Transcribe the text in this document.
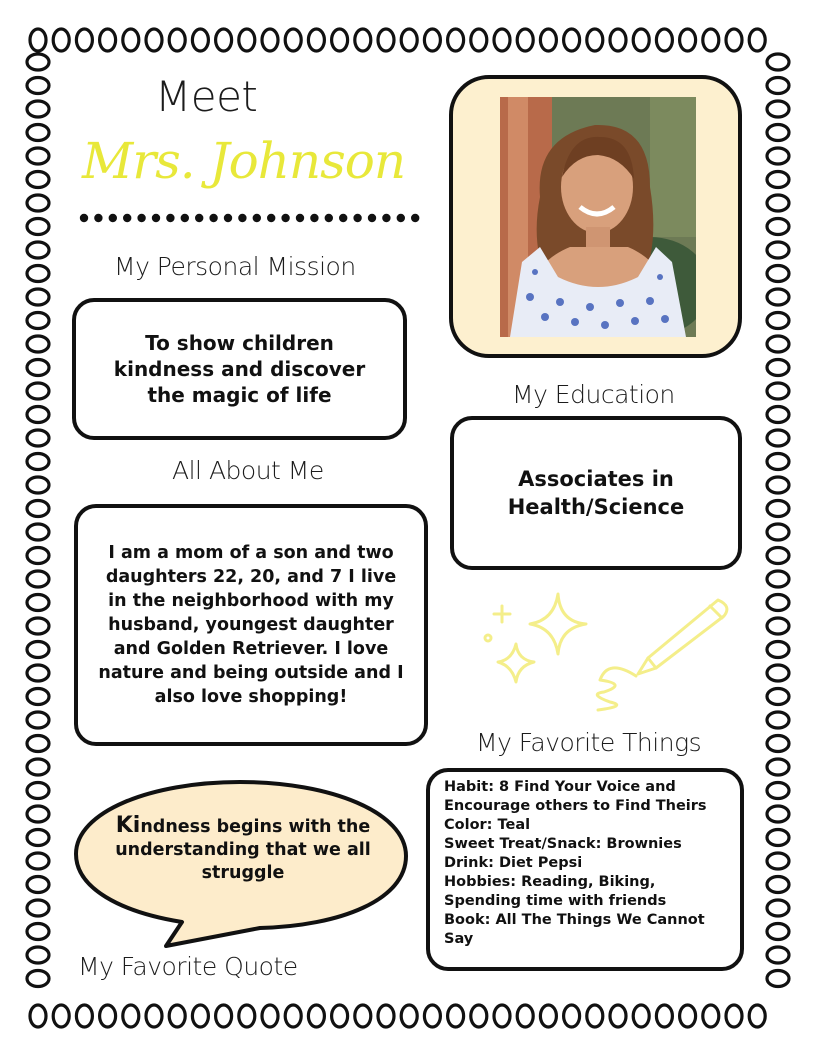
Meet
Mrs. Johnson
My Personal Mission
To show children kindness and discover the magic of life
All About Me
I am a mom of a son and two daughters 22, 20, and 7 I live in the neighborhood with my husband, youngest daughter and Golden Retriever. I love nature and being outside and I also love shopping!
My Education
Associates in Health/Science
My Favorite Things
Habit: 8 Find Your Voice and Encourage others to Find Theirs
Color: Teal
Sweet Treat/Snack: Brownies
Drink: Diet Pepsi
Hobbies: Reading, Biking, Spending time with friends
Book: All The Things We Cannot Say
Kindness begins with the understanding that we all struggle
My Favorite Quote
